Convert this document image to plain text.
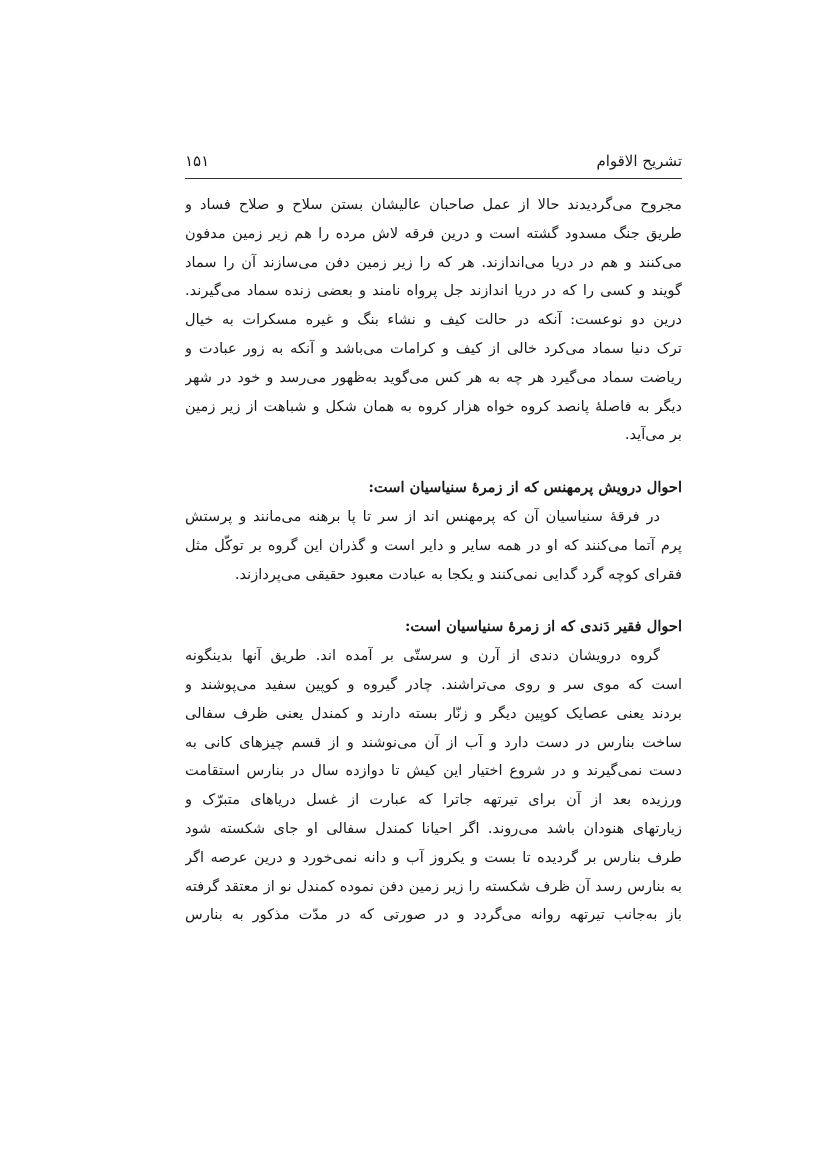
تشریح الاقوام
۱۵۱
مجروح می‌گردیدند حالا از عمل صاحبان عالیشان بستن سلاح و صلاح فساد و
طریق جنگ مسدود گشته است و درین فرقه لاش مرده را هم زیر زمین مدفون
می‌کنند و هم در دریا می‌اندازند. هر که را زیر زمین دفن می‌سازند آن را سماد
گویند و کسی را که در دریا اندازند جل پرواه نامند و بعضی زنده سماد می‌گیرند.
درین دو نوعست: آنکه در حالت کیف و نشاء بنگ و غیره مسکرات به خیال
ترک دنیا سماد می‌کرد خالی از کیف و کرامات می‌باشد و آنکه به زور عبادت و
ریاضت سماد می‌گیرد هر چه به هر کس می‌گوید به‌ظهور می‌رسد و خود در شهر
دیگر به فاصلهٔ پانصد کروه خواه هزار کروه به همان شکل و شباهت از زیر زمین
بر می‌آید.
احوال درویش پرمهنس که از زمرهٔ سنیاسیان است:
در فرقهٔ سنیاسیان آن که پرمهنس اند از سر تا پا برهنه می‌مانند و پرستش
پرم آتما می‌کنند که او در همه سایر و دایر است و گذران این گروه بر توکّل مثل
فقرای کوچه گرد گدایی نمی‌کنند و یکجا به عبادت معبود حقیقی می‌پردازند.
احوال فقیر دَندی که از زمرهٔ سنیاسیان است:
گروه درویشان دندی از آرن و سرستّی بر آمده اند. طریق آنها بدینگونه
است که موی سر و روی می‌تراشند. چادر گیروه و کوپین سفید می‌پوشند و
بردند یعنی عصایک کوپین دیگر و زنّار بسته دارند و کمندل یعنی ظرف سفالی
ساخت بنارس در دست دارد و آب از آن می‌نوشند و از قسم چیزهای کانی به
دست نمی‌گیرند و در شروع اختیار این کیش تا دوازده سال در بنارس استقامت
ورزیده بعد از آن برای تیرتهه جاترا که عبارت از غسل دریاهای متبرّک و
زیارتهای هنودان باشد می‌روند. اگر احیانا کمندل سفالی او جای شکسته شود
طرف بنارس بر گردیده تا بست و یکروز آب و دانه نمی‌خورد و درین عرصه اگر
به بنارس رسد آن ظرف شکسته را زیر زمین دفن نموده کمندل نو از معتقد گرفته
باز به‌جانب تیرتهه روانه می‌گردد و در صورتی که در مدّت مذکور به بنارس
